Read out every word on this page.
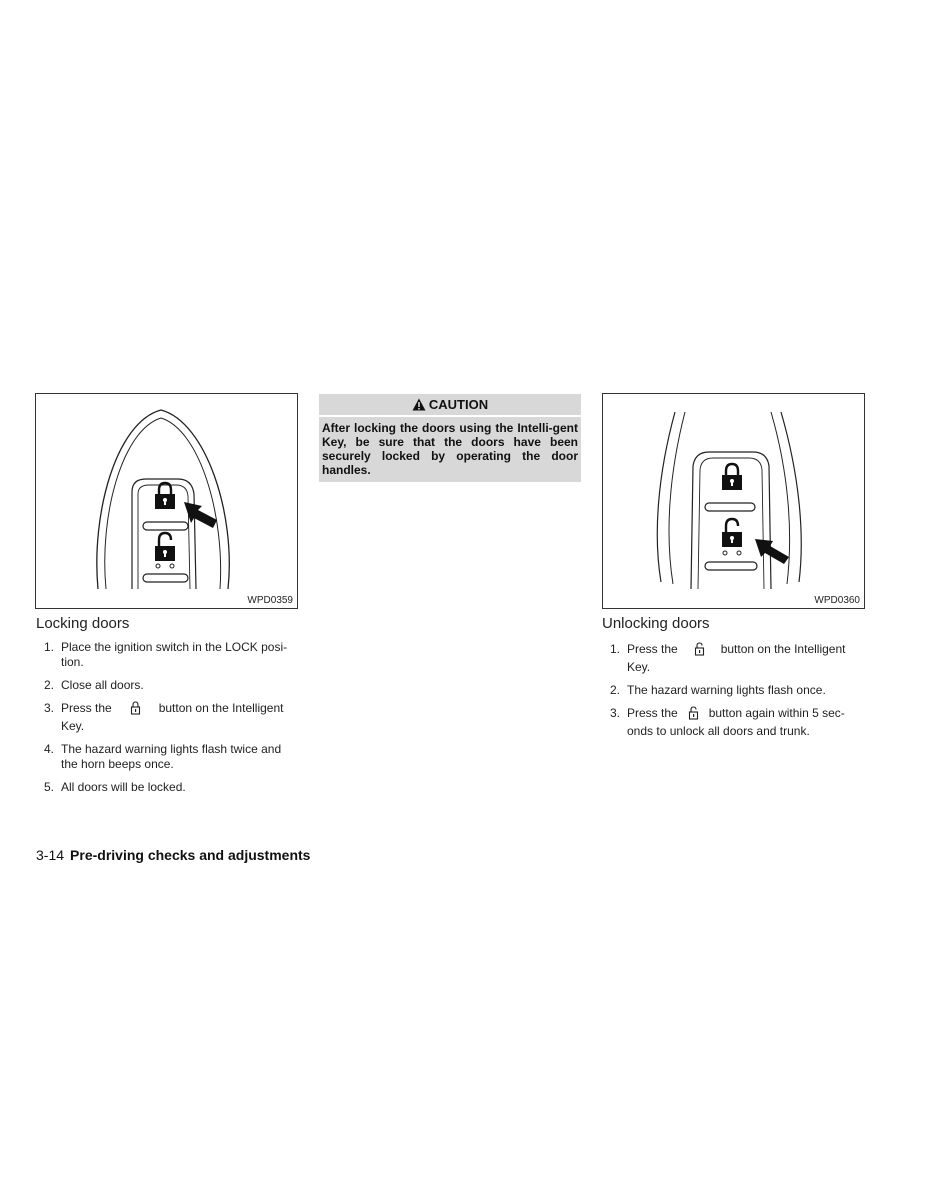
WPD0359
Locking doors
1. Place the ignition switch in the LOCK posi-tion.
2. Close all doors.
3. Press the	button on the Intelligent Key.
4. The hazard warning lights flash twice and the horn beeps once.
5. All doors will be locked.
CAUTION
After locking the doors using the Intelli-gent Key, be sure that the doors have been securely locked by operating the door handles.
WPD0360
Unlocking doors
1. Press the	button on the Intelligent Key.
2. The hazard warning lights flash once.
3. Press the	button again within 5 sec-onds to unlock all doors and trunk.
3-14 Pre-driving checks and adjustments
